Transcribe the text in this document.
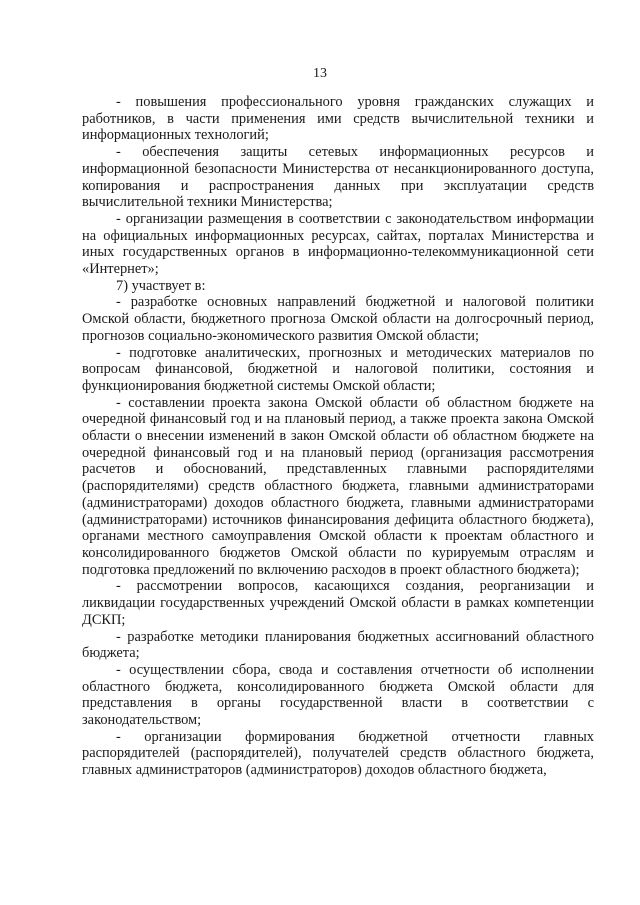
13

- повышения профессионального уровня гражданских служащих и работников, в части применения ими средств вычислительной техники и информационных технологий;

- обеспечения защиты сетевых информационных ресурсов и информационной безопасности Министерства от несанкционированного доступа, копирования и распространения данных при эксплуатации средств вычислительной техники Министерства;

- организации размещения в соответствии с законодательством информации на официальных информационных ресурсах, сайтах, порталах Министерства и иных государственных органов в информационно-телекоммуникационной сети «Интернет»;

7) участвует в:

- разработке основных направлений бюджетной и налоговой политики Омской области, бюджетного прогноза Омской области на долгосрочный период, прогнозов социально-экономического развития Омской области;

- подготовке аналитических, прогнозных и методических материалов по вопросам финансовой, бюджетной и налоговой политики, состояния и функционирования бюджетной системы Омской области;

- составлении проекта закона Омской области об областном бюджете на очередной финансовый год и на плановый период, а также проекта закона Омской области о внесении изменений в закон Омской области об областном бюджете на очередной финансовый год и на плановый период (организация рассмотрения расчетов и обоснований, представленных главными распорядителями (распорядителями) средств областного бюджета, главными администраторами (администраторами) доходов областного бюджета, главными администраторами (администраторами) источников финансирования дефицита областного бюджета), органами местного самоуправления Омской области к проектам областного и консолидированного бюджетов Омской области по курируемым отраслям и подготовка предложений по включению расходов в проект областного бюджета);

- рассмотрении вопросов, касающихся создания, реорганизации и ликвидации государственных учреждений Омской области в рамках компетенции ДСКП;

- разработке методики планирования бюджетных ассигнований областного бюджета;

- осуществлении сбора, свода и составления отчетности об исполнении областного бюджета, консолидированного бюджета Омской области для представления в органы государственной власти в соответствии с законодательством;

- организации формирования бюджетной отчетности главных распорядителей (распорядителей), получателей средств областного бюджета, главных администраторов (администраторов) доходов областного бюджета,
